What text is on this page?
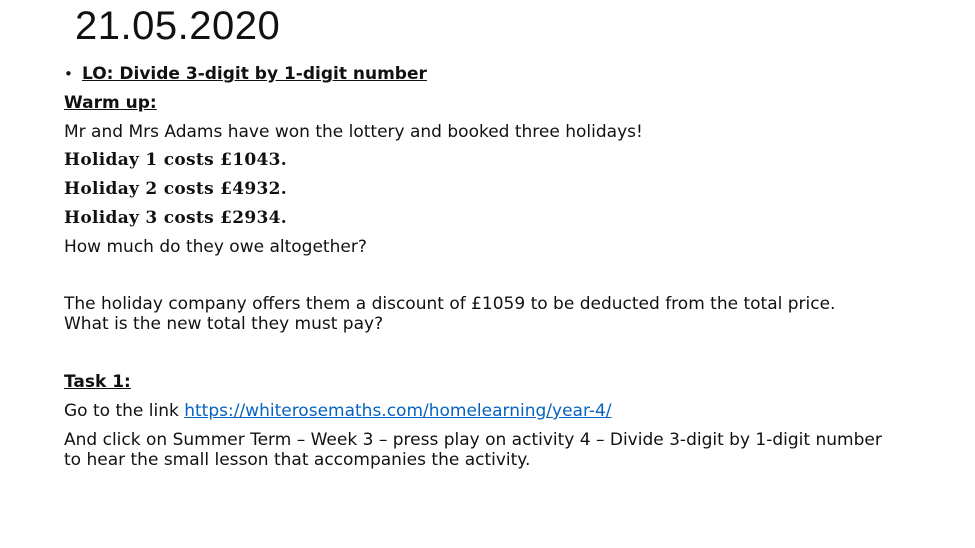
21.05.2020
• LO: Divide 3-digit by 1-digit number
Warm up:
Mr and Mrs Adams have won the lottery and booked three holidays!
Holiday 1 costs £1043.
Holiday 2 costs £4932.
Holiday 3 costs £2934.
How much do they owe altogether?
The holiday company offers them a discount of £1059 to be deducted from the total price.
What is the new total they must pay?
Task 1:
Go to the link https://whiterosemaths.com/homelearning/year-4/
And click on Summer Term – Week 3 – press play on activity 4 – Divide 3-digit by 1-digit number
to hear the small lesson that accompanies the activity.
